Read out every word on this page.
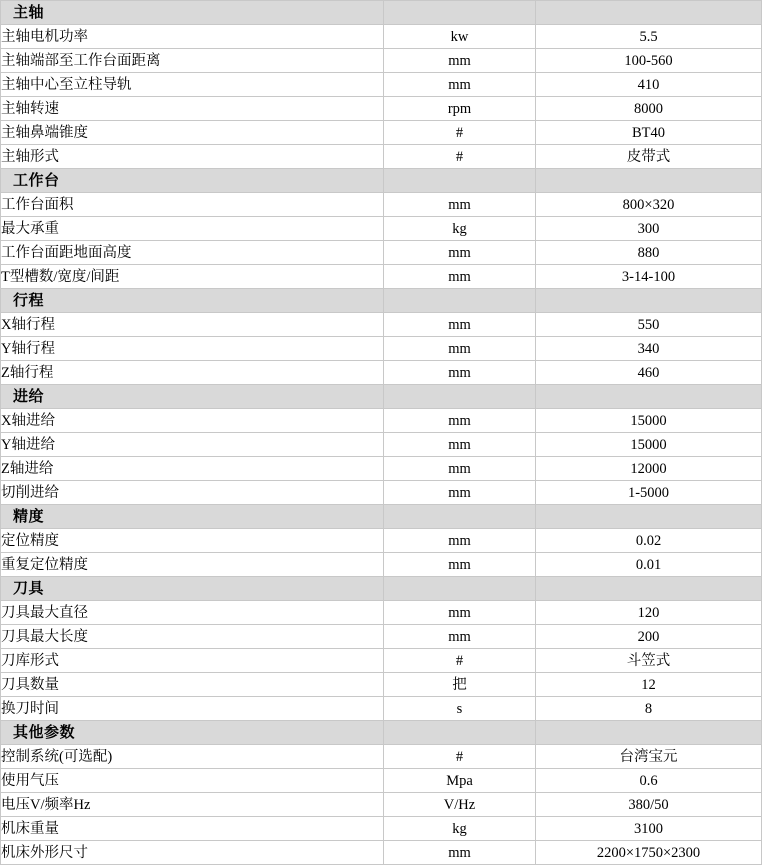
主轴		
主轴电机功率	kw	5.5
主轴端部至工作台面距离	mm	100-560
主轴中心至立柱导轨	mm	410
主轴转速	rpm	8000
主轴鼻端锥度	#	BT40
主轴形式	#	皮带式
工作台		
工作台面积	mm	800×320
最大承重	kg	300
工作台面距地面高度	mm	880
T型槽数/宽度/间距	mm	3-14-100
行程		
X轴行程	mm	550
Y轴行程	mm	340
Z轴行程	mm	460
进给		
X轴进给	mm	15000
Y轴进给	mm	15000
Z轴进给	mm	12000
切削进给	mm	1-5000
精度		
定位精度	mm	0.02
重复定位精度	mm	0.01
刀具		
刀具最大直径	mm	120
刀具最大长度	mm	200
刀库形式	#	斗笠式
刀具数量	把	12
换刀时间	s	8
其他参数		
控制系统(可选配)	#	台湾宝元
使用气压	Mpa	0.6
电压V/频率Hz	V/Hz	380/50
机床重量	kg	3100
机床外形尺寸	mm	2200×1750×2300
